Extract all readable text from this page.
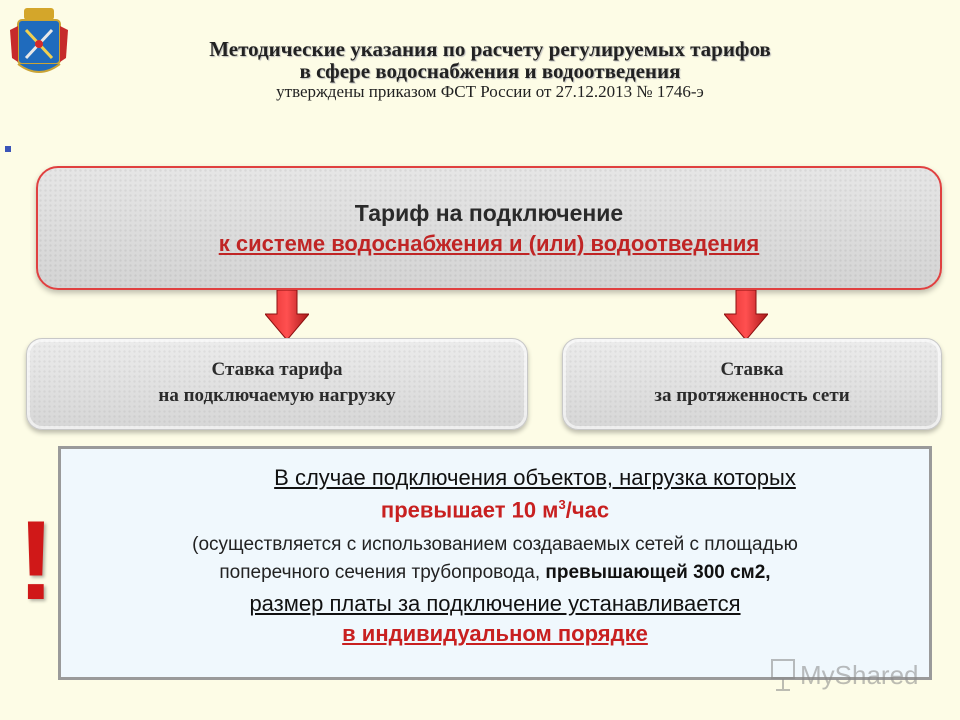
Методические указания по расчету регулируемых тарифов
в сфере водоснабжения и водоотведения
утверждены приказом ФСТ России от 27.12.2013 № 1746-э
Тариф на подключение
к системе водоснабжения и (или) водоотведения
Ставка тарифа
на подключаемую нагрузку
Ставка
за протяженность сети
В случае подключения объектов, нагрузка которых
превышает 10 $м^3$/час
(осуществляется с использованием создаваемых сетей с площадью
поперечного сечения трубопровода, превышающей 300 см2,
размер платы за подключение устанавливается
в индивидуальном порядке
!
MyShared
